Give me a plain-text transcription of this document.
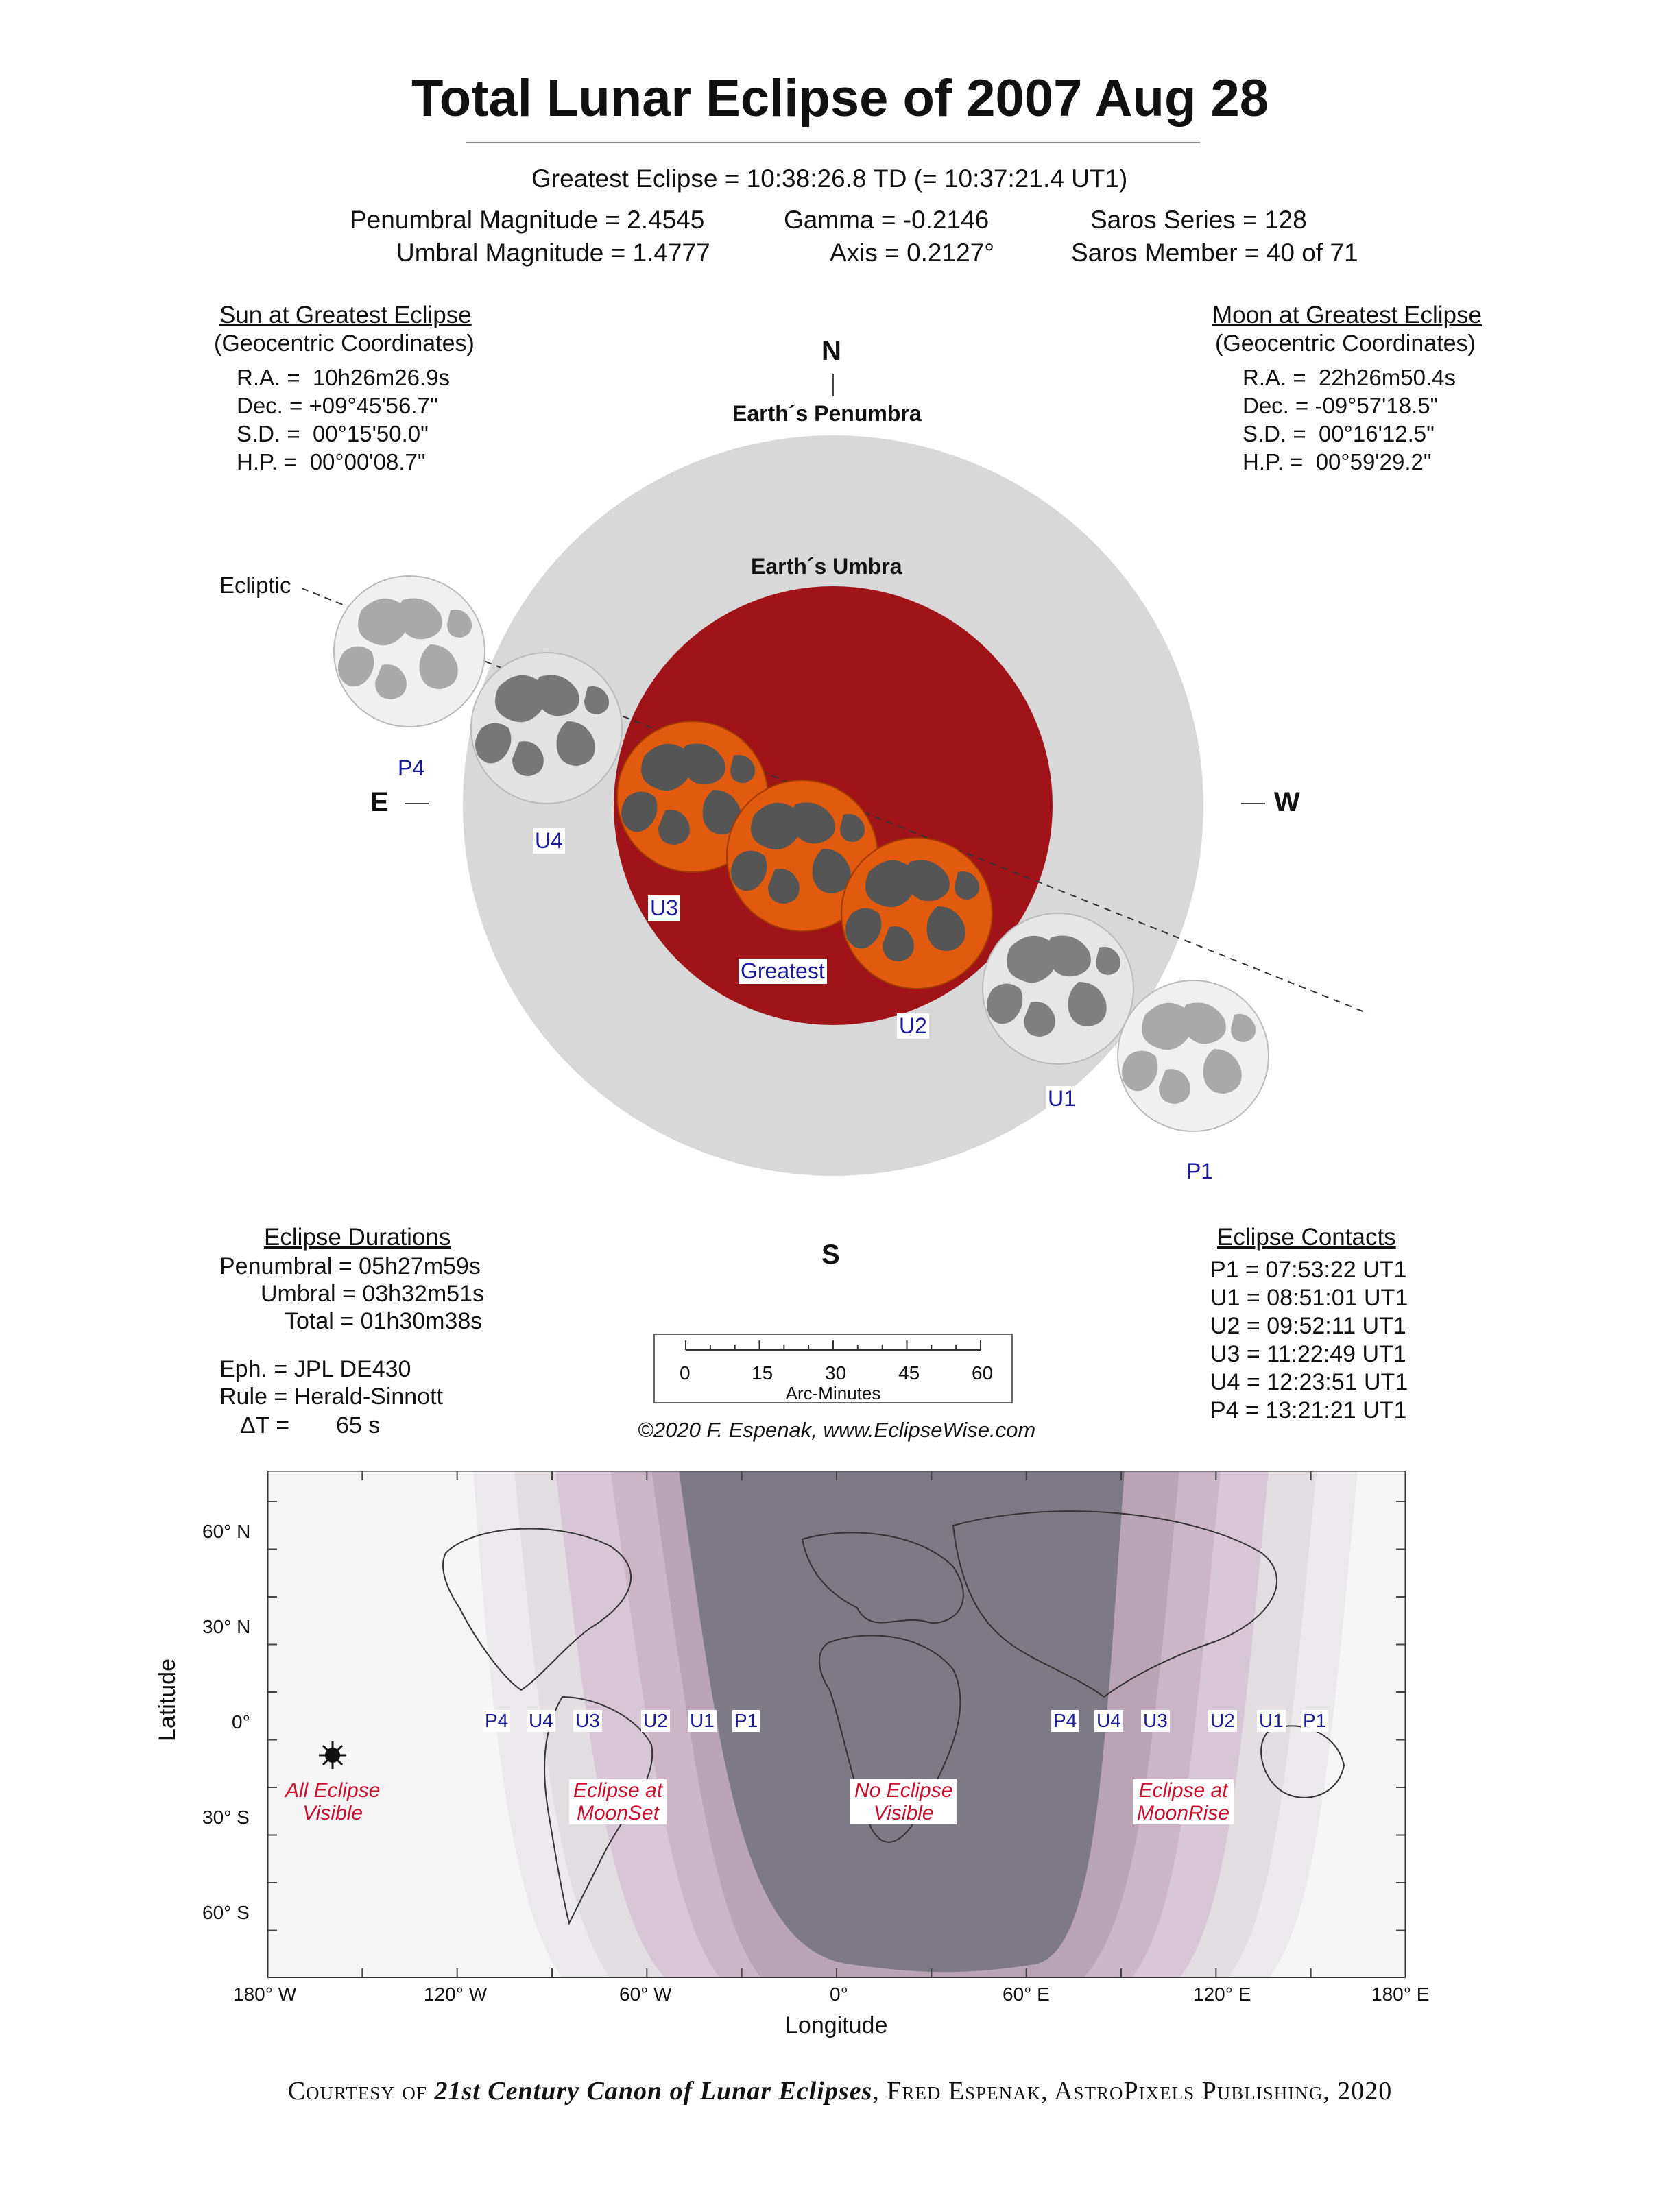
Total Lunar Eclipse of 2007 Aug 28
Greatest Eclipse = 10:38:26.8 TD (= 10:37:21.4 UT1)
Penumbral Magnitude = 2.4545
Umbral Magnitude = 1.4777
Gamma = -0.2146
Axis = 0.2127°
Saros Series = 128
Saros Member = 40 of 71
Sun at Greatest Eclipse
(Geocentric Coordinates)
R.A. =  10h26m26.9s
Dec. = +09°45'56.7"
S.D. =  00°15'50.0"
H.P. =  00°00'08.7"
Moon at Greatest Eclipse
(Geocentric Coordinates)
R.A. =  22h26m50.4s
Dec. = -09°57'18.5"
S.D. =  00°16'12.5"
H.P. =  00°59'29.2"
N
S
E	W
Earth´s Penumbra
Earth´s Umbra
Ecliptic
P4
U4
U3
Greatest
U2
U1
P1
Eclipse Durations
Penumbral = 05h27m59s
Umbral = 03h32m51s
Total = 01h30m38s
Eph. = JPL DE430
Rule = Herald-Sinnott
ΔT = 65 s
Eclipse Contacts
P1 = 07:53:22 UT1
U1 = 08:51:01 UT1
U2 = 09:52:11 UT1
U3 = 11:22:49 UT1
U4 = 12:23:51 UT1
P4 = 13:21:21 UT1
0	15	30	45	60
Arc-Minutes
©2020 F. Espenak, www.EclipseWise.com
Latitude
Longitude
60° N
30° N
0°
30° S
60° S
180° W	120° W	60° W	0°	60° E	120° E	180° E
P4 U4 U3 U2 U1 P1	P4 U4 U3 U2 U1 P1
All Eclipse
Visible
Eclipse at
MoonSet
No Eclipse
Visible
Eclipse at
MoonRise
Courtesy of 21st Century Canon of Lunar Eclipses, Fred Espenak, AstroPixels Publishing, 2020
